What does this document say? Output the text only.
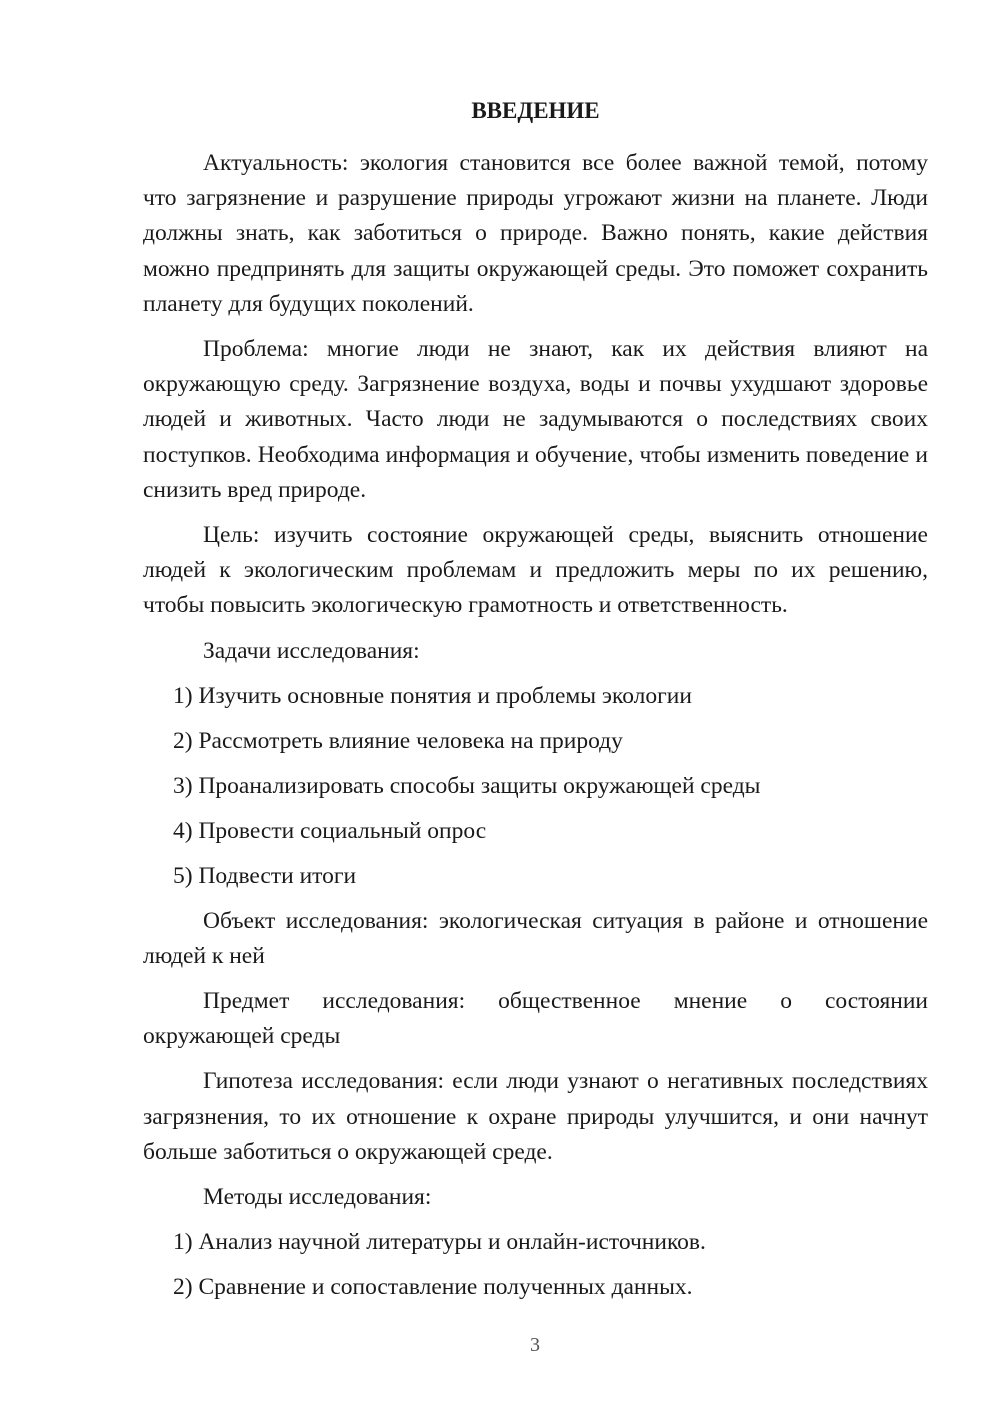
ВВЕДЕНИЕ

Актуальность: экология становится все более важной темой, потому что загрязнение и разрушение природы угрожают жизни на планете. Люди должны знать, как заботиться о природе. Важно понять, какие действия можно предпринять для защиты окружающей среды. Это поможет сохранить планету для будущих поколений.

Проблема: многие люди не знают, как их действия влияют на окружающую среду. Загрязнение воздуха, воды и почвы ухудшают здоровье людей и животных. Часто люди не задумываются о последствиях своих поступков. Необходима информация и обучение, чтобы изменить поведение и снизить вред природе.

Цель: изучить состояние окружающей среды, выяснить отношение людей к экологическим проблемам и предложить меры по их решению, чтобы повысить экологическую грамотность и ответственность.

Задачи исследования:

1) Изучить основные понятия и проблемы экологии

2) Рассмотреть влияние человека на природу

3) Проанализировать способы защиты окружающей среды

4) Провести социальный опрос

5) Подвести итоги

Объект исследования: экологическая ситуация в районе и отношение людей к ней

Предмет исследования: общественное мнение о состоянии окружающей среды

Гипотеза исследования: если люди узнают о негативных последствиях загрязнения, то их отношение к охране природы улучшится, и они начнут больше заботиться о окружающей среде.

Методы исследования:

1) Анализ научной литературы и онлайн-источников.

2) Сравнение и сопоставление полученных данных.

3
